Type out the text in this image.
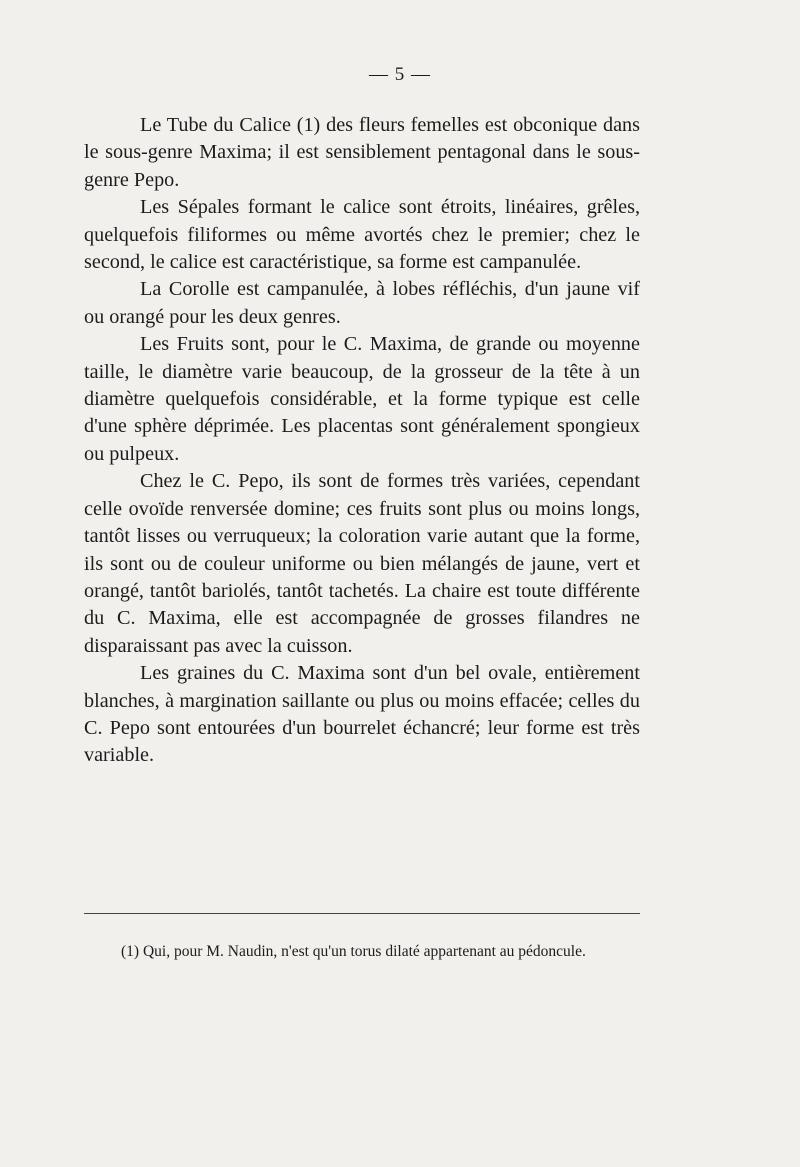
— 5 —

Le Tube du Calice (1) des fleurs femelles est obconique dans le sous-genre Maxima; il est sensiblement pentagonal dans le sous-genre Pepo.

Les Sépales formant le calice sont étroits, linéaires, grêles, quelquefois filiformes ou même avortés chez le premier; chez le second, le calice est caractéristique, sa forme est campanulée.

La Corolle est campanulée, à lobes réfléchis, d'un jaune vif ou orangé pour les deux genres.

Les Fruits sont, pour le C. Maxima, de grande ou moyenne taille, le diamètre varie beaucoup, de la grosseur de la tête à un diamètre quelquefois considérable, et la forme typique est celle d'une sphère déprimée. Les placentas sont généralement spongieux ou pulpeux.

Chez le C. Pepo, ils sont de formes très variées, cependant celle ovoïde renversée domine; ces fruits sont plus ou moins longs, tantôt lisses ou verruqueux; la coloration varie autant que la forme, ils sont ou de couleur uniforme ou bien mélangés de jaune, vert et orangé, tantôt bariolés, tantôt tachetés. La chaire est toute différente du C. Maxima, elle est accompagnée de grosses filandres ne disparaissant pas avec la cuisson.

Les graines du C. Maxima sont d'un bel ovale, entièrement blanches, à margination saillante ou plus ou moins effacée; celles du C. Pepo sont entourées d'un bourrelet échancré; leur forme est très variable.

(1) Qui, pour M. Naudin, n'est qu'un torus dilaté appartenant au pédoncule.
